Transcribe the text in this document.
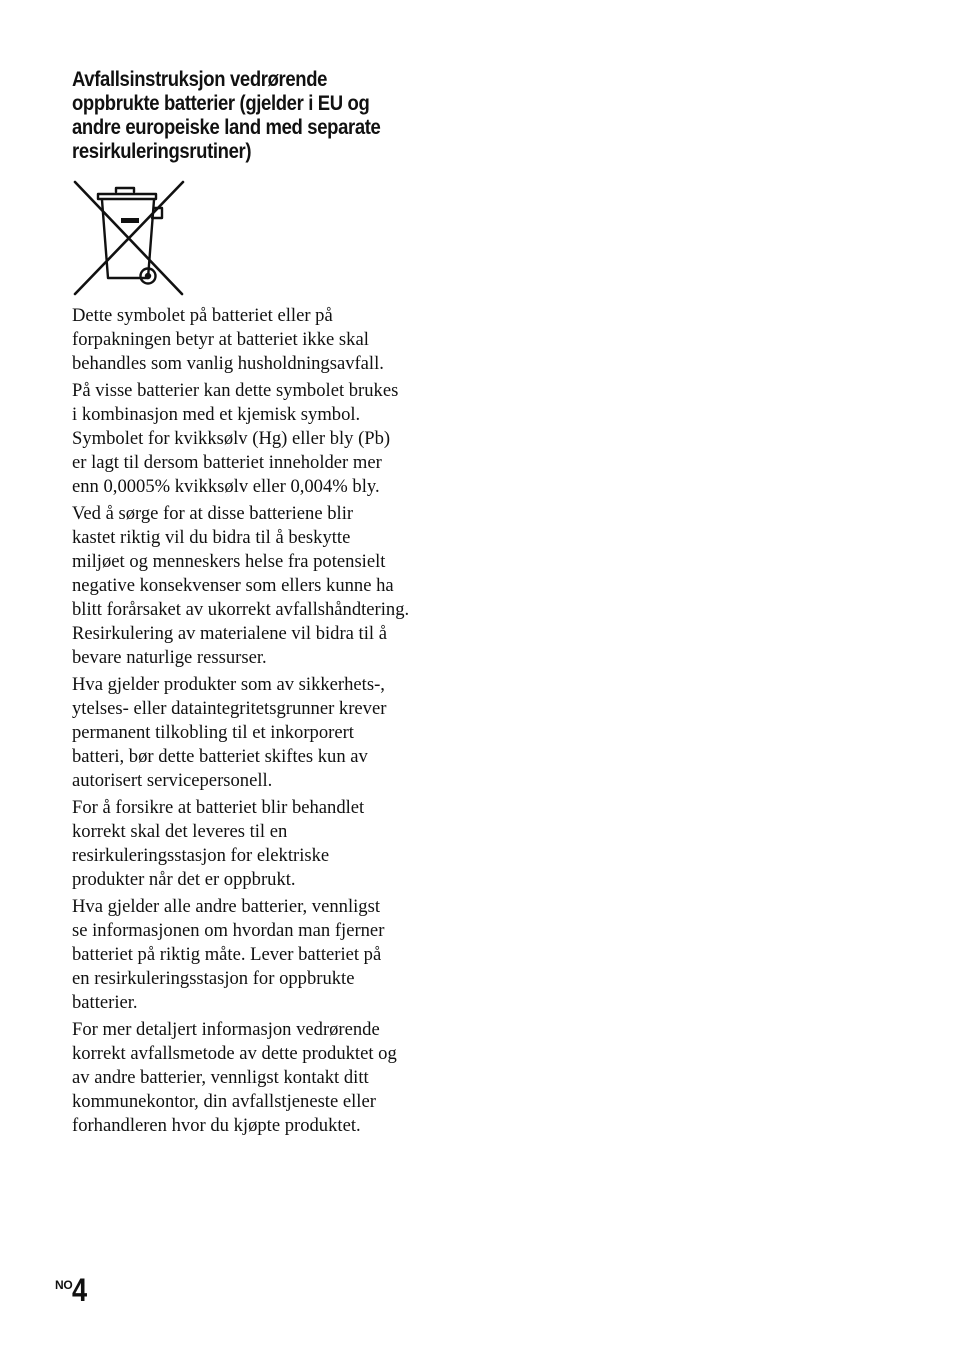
Avfallsinstruksjon vedrørende
oppbrukte batterier (gjelder i EU og
andre europeiske land med separate
resirkuleringsrutiner)

Dette symbolet på batteriet eller på
forpakningen betyr at batteriet ikke skal
behandles som vanlig husholdningsavfall.

På visse batterier kan dette symbolet brukes
i kombinasjon med et kjemisk symbol.
Symbolet for kvikksølv (Hg) eller bly (Pb)
er lagt til dersom batteriet inneholder mer
enn 0,0005% kvikksølv eller 0,004% bly.

Ved å sørge for at disse batteriene blir
kastet riktig vil du bidra til å beskytte
miljøet og menneskers helse fra potensielt
negative konsekvenser som ellers kunne ha
blitt forårsaket av ukorrekt avfallshåndtering.
Resirkulering av materialene vil bidra til å
bevare naturlige ressurser.

Hva gjelder produkter som av sikkerhets-,
ytelses- eller dataintegritetsgrunner krever
permanent tilkobling til et inkorporert
batteri, bør dette batteriet skiftes kun av
autorisert servicepersonell.

For å forsikre at batteriet blir behandlet
korrekt skal det leveres til en
resirkuleringsstasjon for elektriske
produkter når det er oppbrukt.

Hva gjelder alle andre batterier, vennligst
se informasjonen om hvordan man fjerner
batteriet på riktig måte. Lever batteriet på
en resirkuleringsstasjon for oppbrukte
batterier.

For mer detaljert informasjon vedrørende
korrekt avfallsmetode av dette produktet og
av andre batterier, vennligst kontakt ditt
kommunekontor, din avfallstjeneste eller
forhandleren hvor du kjøpte produktet.

$^{NO}$4
